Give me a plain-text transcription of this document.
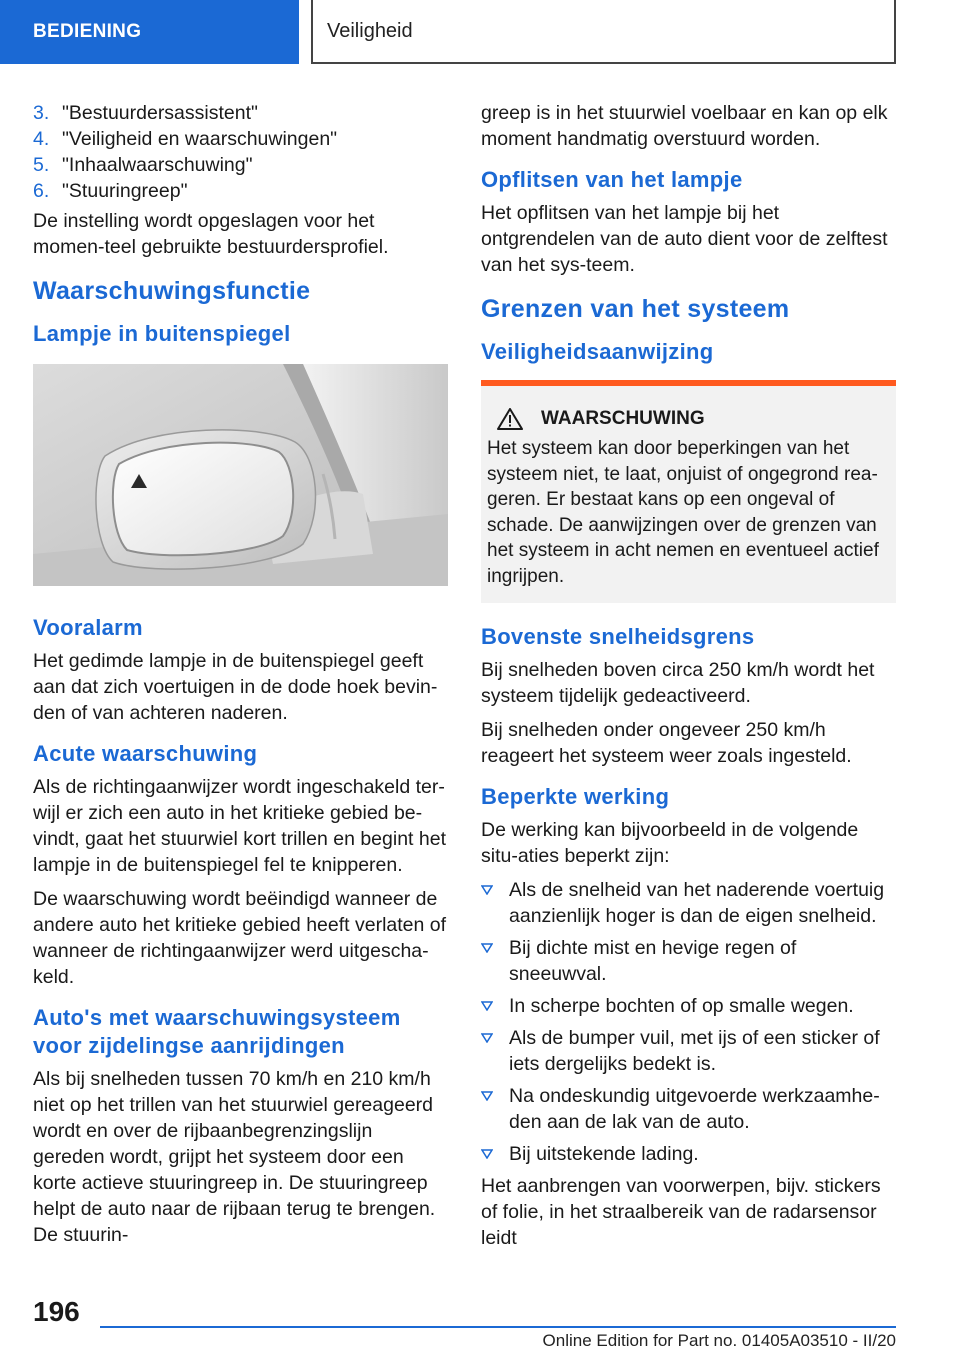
BEDIENING	Veiligheid
3. "Bestuurdersassistent"
4. "Veiligheid en waarschuwingen"
5. "Inhaalwaarschuwing"
6. "Stuuringreep"

De instelling wordt opgeslagen voor het momen-teel gebruikte bestuurdersprofiel.

Waarschuwingsfunctie
Lampje in buitenspiegel
Vooralarm

Het gedimde lampje in de buitenspiegel geeft aan dat zich voertuigen in de dode hoek bevin-den of van achteren naderen.

Acute waarschuwing

Als de richtingaanwijzer wordt ingeschakeld ter-wijl er zich een auto in het kritieke gebied be-vindt, gaat het stuurwiel kort trillen en begint het lampje in de buitenspiegel fel te knipperen.

De waarschuwing wordt beëindigd wanneer de andere auto het kritieke gebied heeft verlaten of wanneer de richtingaanwijzer werd uitgescha-keld.

Auto's met waarschuwingsysteem voor zijdelingse aanrijdingen

Als bij snelheden tussen 70 km/h en 210 km/h niet op het trillen van het stuurwiel gereageerd wordt en over de rijbaanbegrenzingslijn gereden wordt, grijpt het systeem door een korte actieve stuuringreep in. De stuuringreep helpt de auto naar de rijbaan terug te brengen. De stuurin-

greep is in het stuurwiel voelbaar en kan op elk moment handmatig overstuurd worden.

Opflitsen van het lampje

Het opflitsen van het lampje bij het ontgrendelen van de auto dient voor de zelftest van het sys-teem.

Grenzen van het systeem
Veiligheidsaanwijzing
WAARSCHUWING

Het systeem kan door beperkingen van het systeem niet, te laat, onjuist of ongegrond rea-geren. Er bestaat kans op een ongeval of schade. De aanwijzingen over de grenzen van het systeem in acht nemen en eventueel actief ingrijpen.

Bovenste snelheidsgrens

Bij snelheden boven circa 250 km/h wordt het systeem tijdelijk gedeactiveerd.

Bij snelheden onder ongeveer 250 km/h reageert het systeem weer zoals ingesteld.

Beperkte werking

De werking kan bijvoorbeeld in de volgende situ-aties beperkt zijn:

Als de snelheid van het naderende voertuig aanzienlijk hoger is dan de eigen snelheid.
Bij dichte mist en hevige regen of sneeuwval.
In scherpe bochten of op smalle wegen.
Als de bumper vuil, met ijs of een sticker of iets dergelijks bedekt is.
Na ondeskundig uitgevoerde werkzaamhe-den aan de lak van de auto.
Bij uitstekende lading.

Het aanbrengen van voorwerpen, bijv. stickers of folie, in het straalbereik van de radarsensor leidt

196
Online Edition for Part no. 01405A03510 - II/20
